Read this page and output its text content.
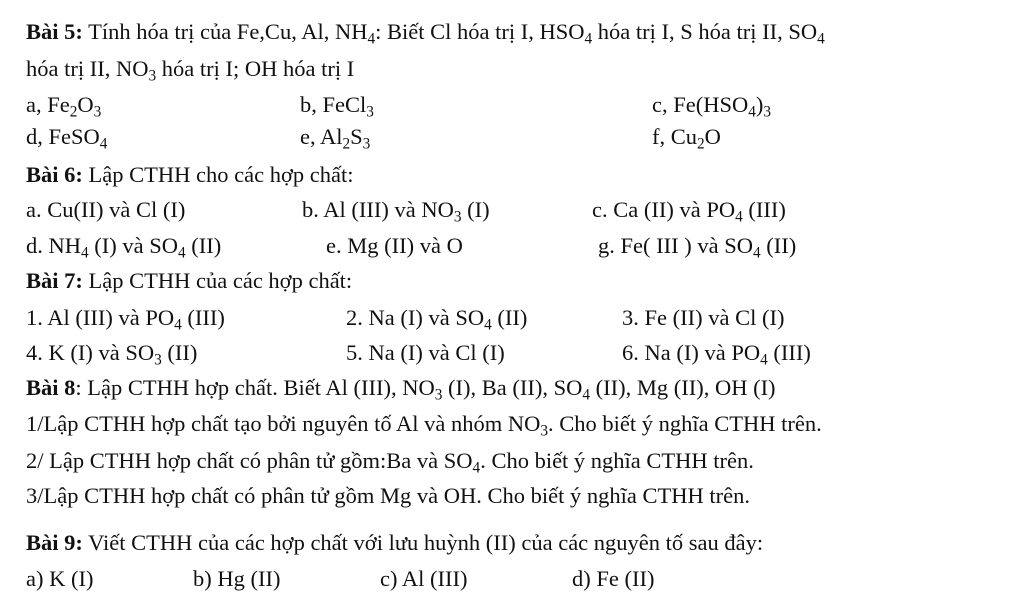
Bài 5: Tính hóa trị của Fe,Cu, Al, $NH_4$: Biết Cl hóa trị I, $HSO_4$ hóa trị I, S hóa trị II, $SO_4$
hóa trị II, $NO_3$ hóa trị I; OH hóa trị I
a, $Fe_2O_3$	b, FeCl$_3$	c, $Fe(HSO_4)_3$
d, FeSO$_4$	e, $Al_2S_3$	f, $Cu_2O$
Bài 6: Lập CTHH cho các hợp chất:
a. Cu(II) và Cl (I)	b. Al (III) và $NO_3$ (I)	c. Ca (II) và $PO_4$ (III)
d. $NH_4$ (I) và $SO_4$ (II)	e. Mg (II) và O	g. Fe( III ) và $SO_4$ (II)
Bài 7: Lập CTHH của các hợp chất:
1. Al (III) và $PO_4$ (III)	2. Na (I) và $SO_4$ (II)	3. Fe (II) và Cl (I)
4. K (I) và $SO_3$ (II)	5. Na (I) và Cl (I)	6. Na (I) và $PO_4$ (III)
Bài 8: Lập CTHH hợp chất. Biết Al (III), $NO_3$ (I), Ba (II), $SO_4$ (II), Mg (II), OH (I)
1/Lập CTHH hợp chất tạo bởi nguyên tố Al và nhóm $NO_3$. Cho biết ý nghĩa CTHH trên.
2/ Lập CTHH hợp chất có phân tử gồm:Ba và $SO_4$. Cho biết ý nghĩa CTHH trên.
3/Lập CTHH hợp chất có phân tử gồm Mg và OH. Cho biết ý nghĩa CTHH trên.
Bài 9: Viết CTHH của các hợp chất với lưu huỳnh (II) của các nguyên tố sau đây:
a) K (I)	b) Hg (II)	c) Al (III)	d) Fe (II)
